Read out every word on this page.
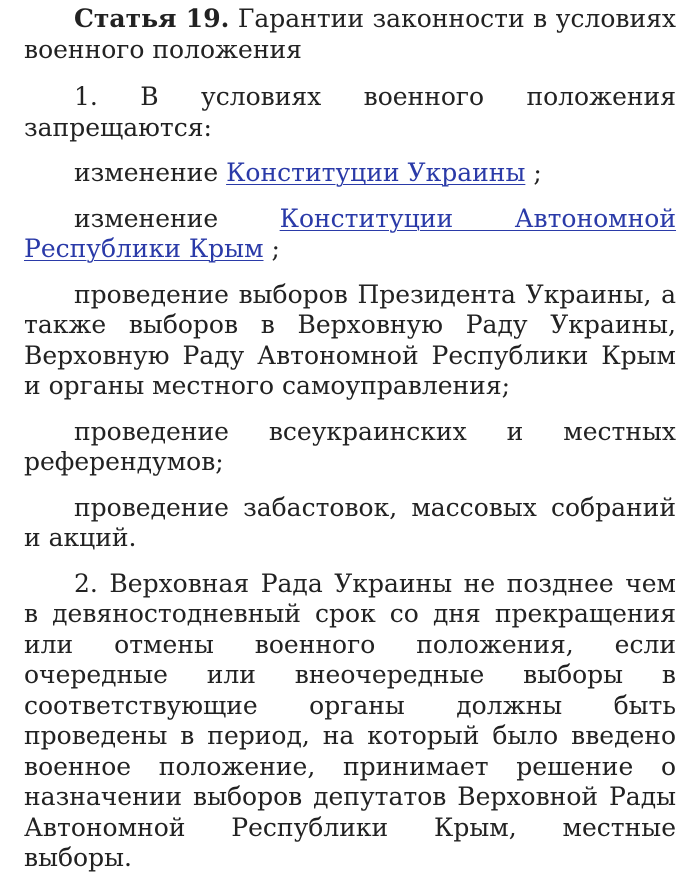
Статья 19. Гарантии законности в условиях военного положения

1. В условиях военного положения запрещаются:

изменение Конституции Украины ;

изменение Конституции Автономной Республики Крым ;

проведение выборов Президента Украины, а также выборов в Верховную Раду Украины, Верховную Раду Автономной Республики Крым и органы местного самоуправления;

проведение всеукраинских и местных референдумов;

проведение забастовок, массовых собраний и акций.

2. Верховная Рада Украины не позднее чем в девяностодневный срок со дня прекращения или отмены военного положения, если очередные или внеочередные выборы в соответствующие органы должны быть проведены в период, на который было введено военное положение, принимает решение о назначении выборов депутатов Верховной Рады Автономной Республики Крым, местные выборы.
